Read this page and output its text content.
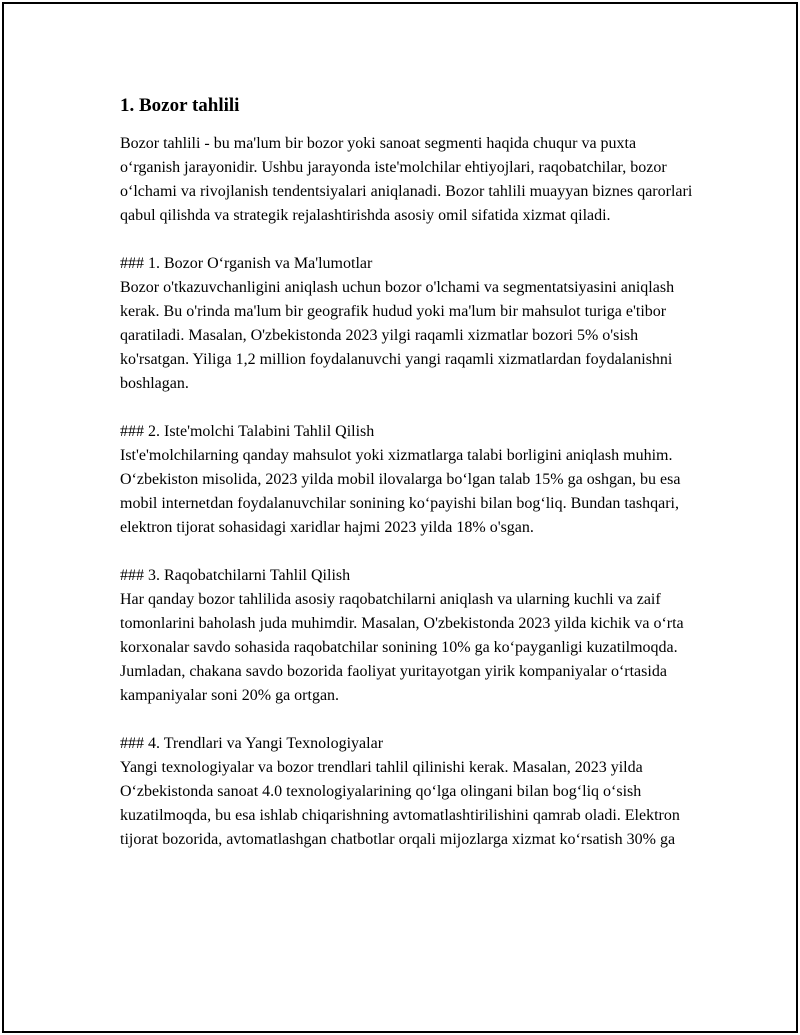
1. Bozor tahlili
Bozor tahlili - bu ma'lum bir bozor yoki sanoat segmenti haqida chuqur va puxta o‘rganish jarayonidir. Ushbu jarayonda iste'molchilar ehtiyojlari, raqobatchilar, bozor o‘lchami va rivojlanish tendentsiyalari aniqlanadi. Bozor tahlili muayyan biznes qarorlari qabul qilishda va strategik rejalashtirishda asosiy omil sifatida xizmat qiladi.
### 1. Bozor O‘rganish va Ma'lumotlar
Bozor o'tkazuvchanligini aniqlash uchun bozor o'lchami va segmentatsiyasini aniqlash kerak. Bu o'rinda ma'lum bir geografik hudud yoki ma'lum bir mahsulot turiga e'tibor qaratiladi. Masalan, O'zbekistonda 2023 yilgi raqamli xizmatlar bozori 5% o'sish ko'rsatgan. Yiliga 1,2 million foydalanuvchi yangi raqamli xizmatlardan foydalanishni boshlagan.
### 2. Iste'molchi Talabini Tahlil Qilish
Ist'e'molchilarning qanday mahsulot yoki xizmatlarga talabi borligini aniqlash muhim. O‘zbekiston misolida, 2023 yilda mobil ilovalarga bo‘lgan talab 15% ga oshgan, bu esa mobil internetdan foydalanuvchilar sonining ko‘payishi bilan bog‘liq. Bundan tashqari, elektron tijorat sohasidagi xaridlar hajmi 2023 yilda 18% o'sgan.
### 3. Raqobatchilarni Tahlil Qilish
Har qanday bozor tahlilida asosiy raqobatchilarni aniqlash va ularning kuchli va zaif tomonlarini baholash juda muhimdir. Masalan, O'zbekistonda 2023 yilda kichik va o‘rta korxonalar savdo sohasida raqobatchilar sonining 10% ga ko‘payganligi kuzatilmoqda. Jumladan, chakana savdo bozorida faoliyat yuritayotgan yirik kompaniyalar o‘rtasida kampaniyalar soni 20% ga ortgan.
### 4. Trendlari va Yangi Texnologiyalar
Yangi texnologiyalar va bozor trendlari tahlil qilinishi kerak. Masalan, 2023 yilda O‘zbekistonda sanoat 4.0 texnologiyalarining qo‘lga olingani bilan bog‘liq o‘sish kuzatilmoqda, bu esa ishlab chiqarishning avtomatlashtirilishini qamrab oladi. Elektron tijorat bozorida, avtomatlashgan chatbotlar orqali mijozlarga xizmat ko‘rsatish 30% ga
